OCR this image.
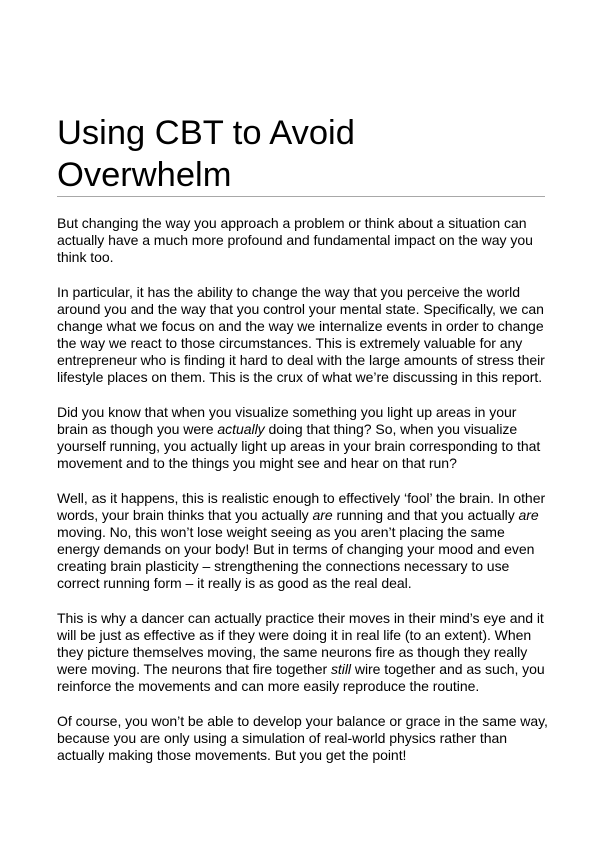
Using CBT to Avoid
Overwhelm

But changing the way you approach a problem or think about a situation can actually have a much more profound and fundamental impact on the way you think too.

In particular, it has the ability to change the way that you perceive the world around you and the way that you control your mental state. Specifically, we can change what we focus on and the way we internalize events in order to change the way we react to those circumstances. This is extremely valuable for any entrepreneur who is finding it hard to deal with the large amounts of stress their lifestyle places on them. This is the crux of what we’re discussing in this report.

Did you know that when you visualize something you light up areas in your brain as though you were actually doing that thing? So, when you visualize yourself running, you actually light up areas in your brain corresponding to that movement and to the things you might see and hear on that run?

Well, as it happens, this is realistic enough to effectively ‘fool’ the brain. In other words, your brain thinks that you actually are running and that you actually are moving. No, this won’t lose weight seeing as you aren’t placing the same energy demands on your body! But in terms of changing your mood and even creating brain plasticity – strengthening the connections necessary to use correct running form – it really is as good as the real deal.

This is why a dancer can actually practice their moves in their mind’s eye and it will be just as effective as if they were doing it in real life (to an extent). When they picture themselves moving, the same neurons fire as though they really were moving. The neurons that fire together still wire together and as such, you reinforce the movements and can more easily reproduce the routine.

Of course, you won’t be able to develop your balance or grace in the same way, because you are only using a simulation of real-world physics rather than actually making those movements. But you get the point!
